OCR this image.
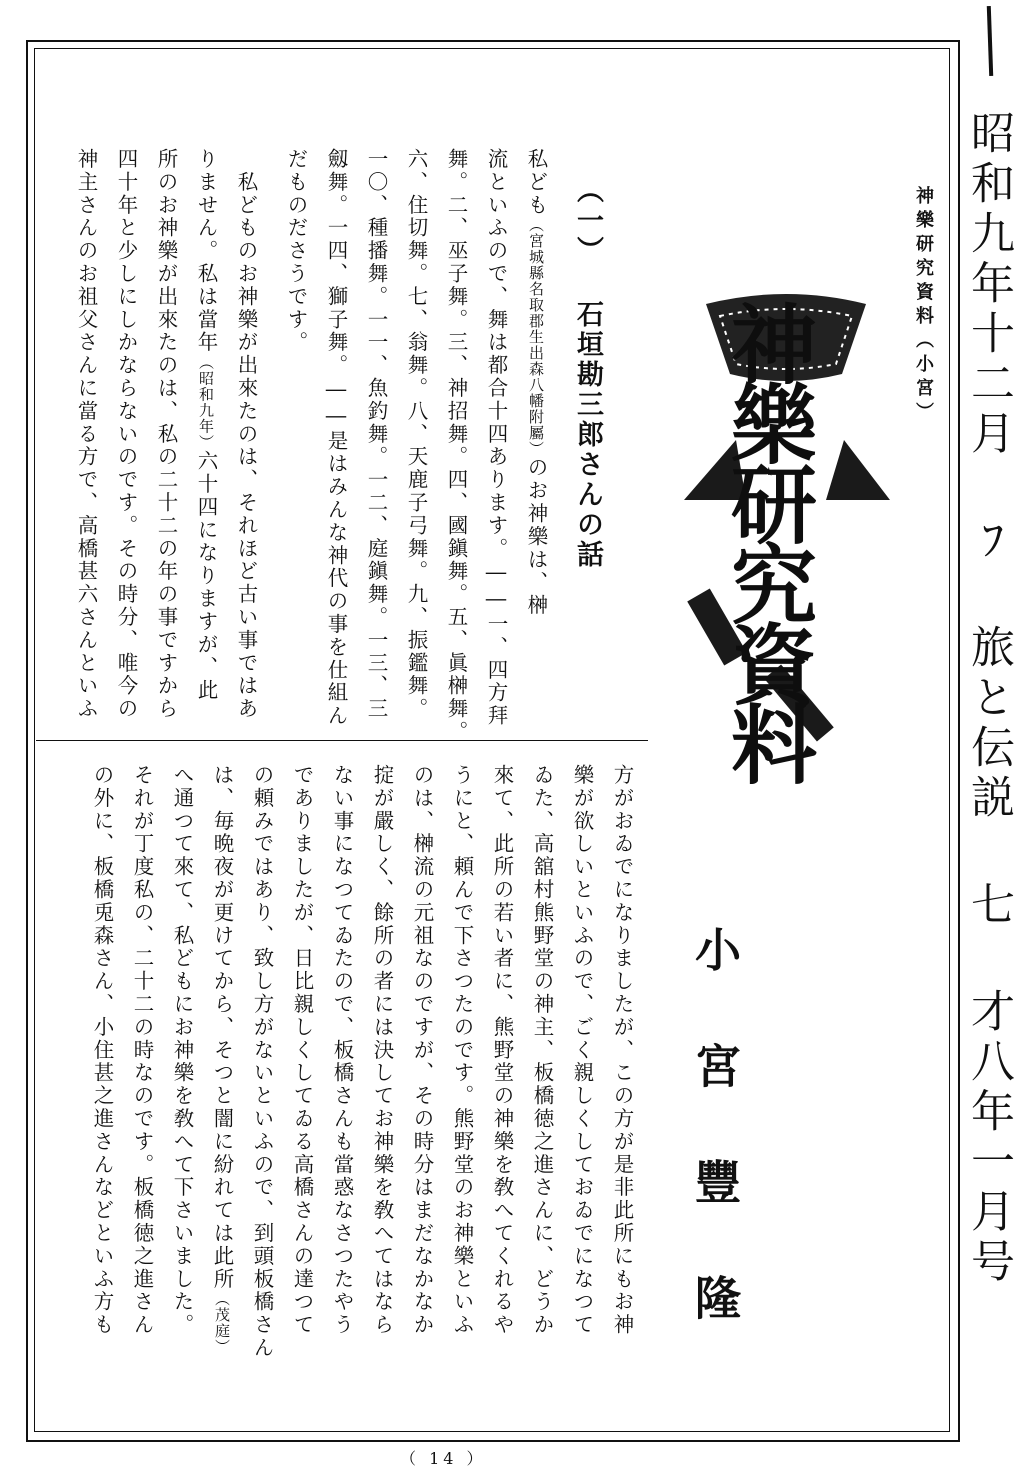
昭和九年十二月 ﾌ 旅と伝説 七 才八年一月号
神樂研究資料（小宮）
神樂研究資料
小宮豐隆
（一） 石垣勘三郎さんの話
私ども（宮城縣名取郡生出森八幡附屬）のお神樂は、榊
流といふので、舞は都合十四あります。――一、四方拜
舞。二、巫子舞。三、神招舞。四、國鎭舞。五、眞榊舞。
六、住切舞。七、翁舞。八、天鹿子弓舞。九、振鑑舞。
一〇、種播舞。一一、魚釣舞。一二、庭鎭舞。一三、三
劔舞。一四、獅子舞。――是はみんな神代の事を仕組ん
だものださうです。
　私どものお神樂が出來たのは、それほど古い事ではあ
りません。私は當年（昭和九年）六十四になりますが、此
所のお神樂が出來たのは、私の二十二の年の事ですから
四十年と少しにしかならないのです。その時分、唯今の
神主さんのお祖父さんに當る方で、高橋甚六さんといふ
方がおゐでになりましたが、この方が是非此所にもお神
樂が欲しいといふので、ごく親しくしておゐでになつて
ゐた、高舘村熊野堂の神主、板橋徳之進さんに、どうか
來て、此所の若い者に、熊野堂の神樂を敎へてくれるや
うにと、頼んで下さつたのです。熊野堂のお神樂といふ
のは、榊流の元祖なのですが、その時分はまだなかなか
掟が嚴しく、餘所の者には決してお神樂を敎へてはなら
ない事になつてゐたので、板橋さんも當惑なさつたやう
でありましたが、日比親しくしてゐる高橋さんの達つて
の頼みではあり、致し方がないといふので、到頭板橋さん
は、毎晩夜が更けてから、そつと闇に紛れては此所（茂庭）
へ通つて來て、私どもにお神樂を敎へて下さいました。
それが丁度私の、二十二の時なのです。板橋徳之進さん
の外に、板橋兎森さん、小住甚之進さんなどといふ方も
（ 14 ）
